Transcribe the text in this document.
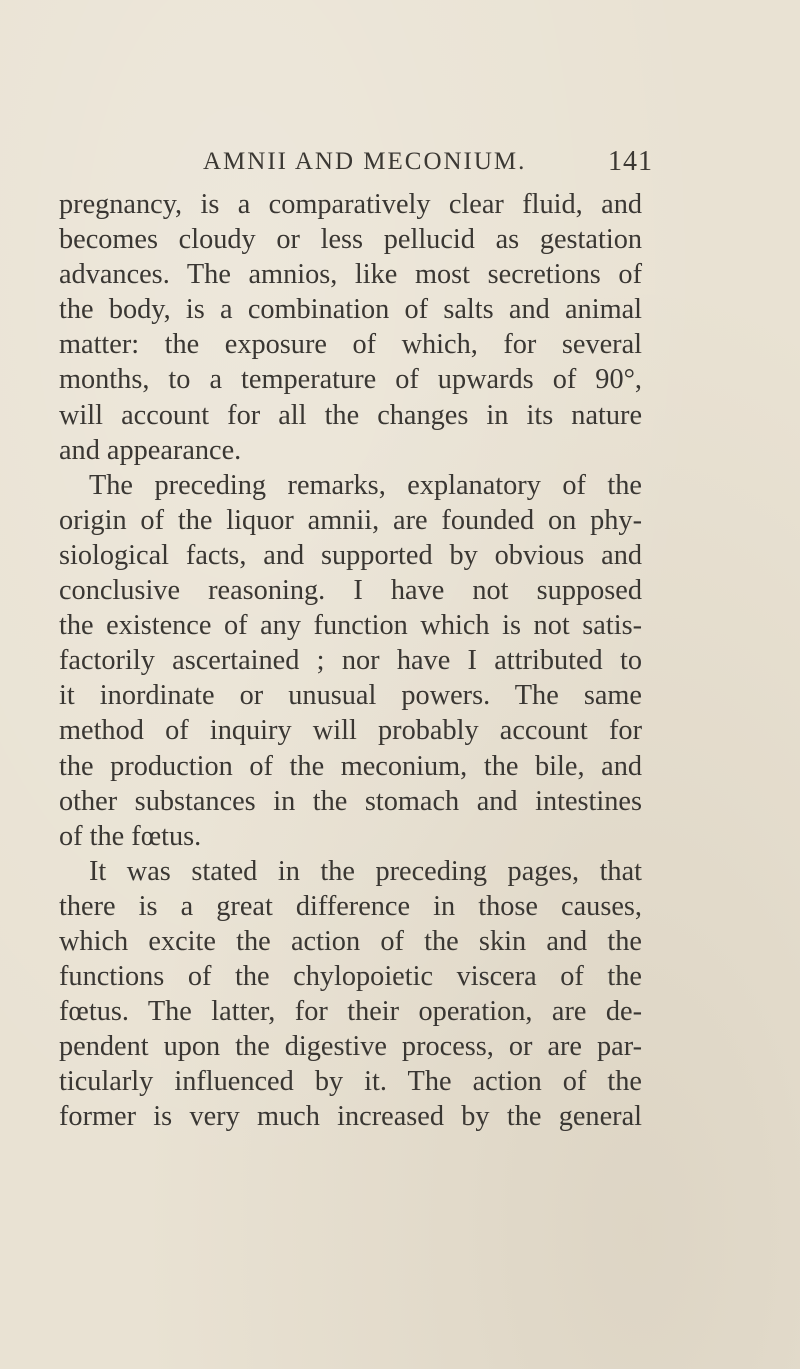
AMNII AND MECONIUM.	141
pregnancy, is a comparatively clear fluid, and
becomes cloudy or less pellucid as gestation
advances. The amnios, like most secretions of
the body, is a combination of salts and animal
matter: the exposure of which, for several
months, to a temperature of upwards of 90°,
will account for all the changes in its nature
and appearance.
The preceding remarks, explanatory of the
origin of the liquor amnii, are founded on phy-
siological facts, and supported by obvious and
conclusive reasoning. I have not supposed
the existence of any function which is not satis-
factorily ascertained ; nor have I attributed to
it inordinate or unusual powers. The same
method of inquiry will probably account for
the production of the meconium, the bile, and
other substances in the stomach and intestines
of the fœtus.
It was stated in the preceding pages, that
there is a great difference in those causes,
which excite the action of the skin and the
functions of the chylopoietic viscera of the
fœtus. The latter, for their operation, are de-
pendent upon the digestive process, or are par-
ticularly influenced by it. The action of the
former is very much increased by the general
